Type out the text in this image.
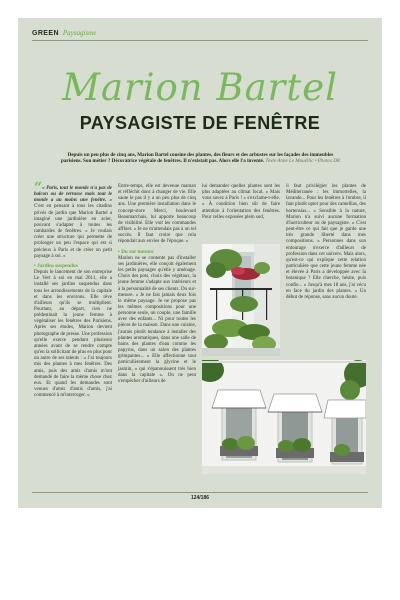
GREEN Paysagisme
Marion Bartel
PAYSAGISTE DE FENÊTRE
Depuis un peu plus de cinq ans, Marion Bartel cousine des plantes, des fleurs et des arbustes sur les façades des immeubles parisiens. Son métier ? Décoratrice végétale de fenêtres. Il n'existait pas. Alors elle l'a inventé. Texte Anne Le Mouëllic • Photos DR

“« Paris, tout le monde n'a pas de balcon ou de terrasse mais tout le monde a au moins une fenêtre. » C'est en pensant à tous les citadins privés de jardin que Marion Bartel a imaginé une jardinière en acier, pouvant s'adapter à toutes les rambardes de fenêtres. « Je voulais créer une structure qui permette de prolonger un peu l'espace qui est si précieux à Paris et de créer un petit paysage à soi. »

• Jardins suspendus

Depuis le lancement de son entreprise Le Vert à soi en mai 2011, elle a installé ses jardins suspendus dans tous les arrondissements de la capitale et dans les environs. Elle rêve d'ailleurs qu'ils se multiplient. Pourtant, au départ, rien ne prédestinait la jeune femme à végétaliser les fenêtres des Parisiens. Après ses études, Marion devient photographe de presse. Une profession qu'elle exerce pendant plusieurs années avant de se rendre compte qu'en la sollicitant de plus en plus pour un autre de ses talents : « J'ai toujours mis des plantes à mes fenêtres. Des amis, puis des amis d'amis m'ont demandé de faire la même chose chez eux. Et quand les demandes sont venues d'amis d'amis d'amis, j'ai commencé à m'interroger. »

Entre-temps, elle est devenue maman et réfléchit donc à changer de vie. Elle saute le pas il y a un peu plus de cinq ans. Une première installation dans le concept-store Merci, boulevard Beaumarchais, lui apporte beaucoup de visibilité. Elle voit les commandes affluer. « Je ne m'attendais pas à un tel succès. Il faut croire que cela répondait aux envies de l'époque. »

• Du sur mesure

Marion ne se contente pas d'installer ses jardinières, elle conçoit également les petits paysages qu'elle y aménage. Choix des pots, choix des végétaux, la jeune femme s'adapte aux intérieurs et à la personnalité de ses clients. Du sur-mesure. « Je ne fais jamais deux fois le même paysage. Je ne propose pas les mêmes compositions pour une personne seule, un couple, une famille avec des enfants... Ni pour toutes les pièces de la maison. Dans une cuisine, j'aurais plutôt tendance à installer des plantes aromatiques, dans une salle de bains des plantes d'eau comme les papyrus, dans un salon des plantes grimpantes... » Elle affectionne tout particulièrement la glycine et le jasmin, « qui s'épanouissent très bien dans la capitale ». On ne peut s'empêcher d'ailleurs de

lui demander quelles plantes sont les plus adaptées au climat local. « Mais vous savez à Paris ! » s'exclame-t-elle. « À condition bien sûr de faire attention à l'orientation des fenêtres. Pour celles exposées plein sud,

il faut privilégier les plantes de Méditerranée : les immortelles, la lavande... Pour les fenêtres à l'ombre, il faut plutôt opter pour des camellias, des hortensias... » Sensible à la nature, Marion n'a suivi aucune formation d'horticulteur ou de paysagiste. « C'est peut-être ce qui fait que je garde une très grande liberté dans mes compositions. » Personnes dans son entourage n'exerce d'ailleurs de profession dans cet univers. Mais alors, qu'est-ce qui explique cette relation particulière que cette jeune femme née et élevée à Paris a développée avec la botanique ? Elle cherche, hésite, puis confie... « Jusqu'à mes 18 ans, j'ai vécu en face du jardin des plantes. » Un début de réponse, sans aucun doute.

124/186
